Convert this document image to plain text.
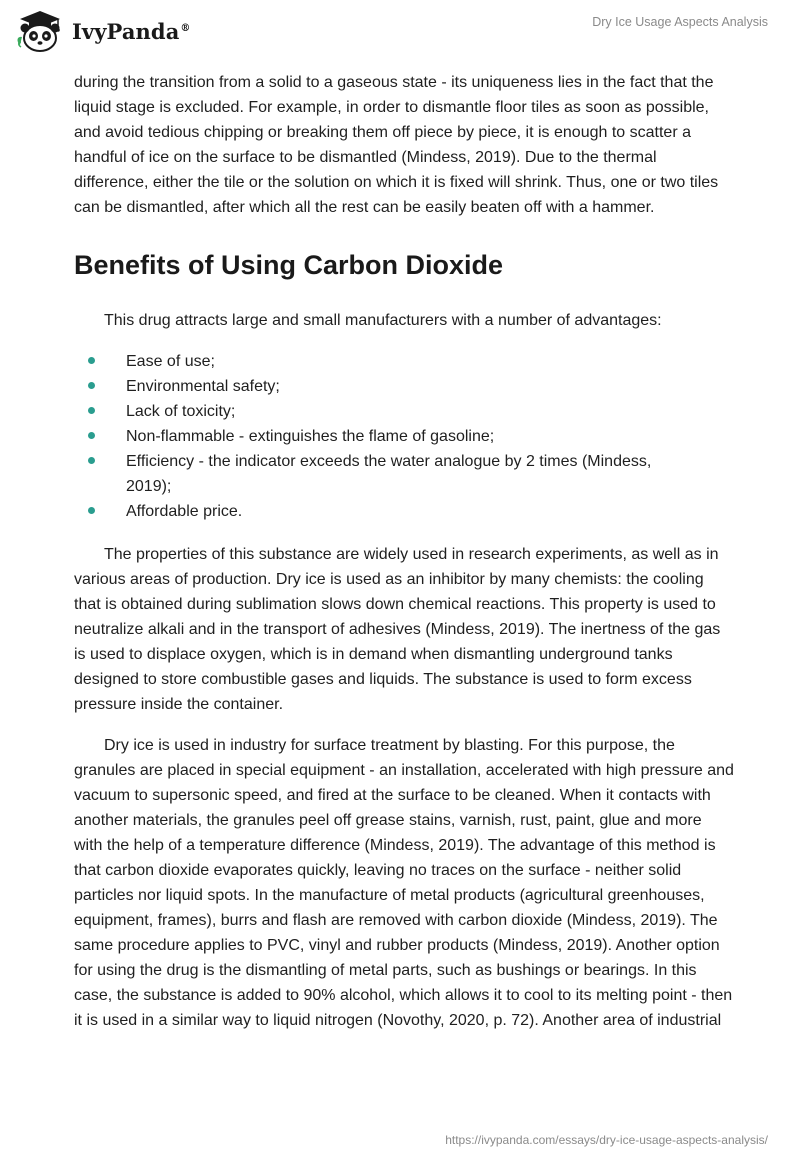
IvyPanda®	Dry Ice Usage Aspects Analysis

during the transition from a solid to a gaseous state - its uniqueness lies in the fact that the liquid stage is excluded. For example, in order to dismantle floor tiles as soon as possible, and avoid tedious chipping or breaking them off piece by piece, it is enough to scatter a handful of ice on the surface to be dismantled (Mindess, 2019). Due to the thermal difference, either the tile or the solution on which it is fixed will shrink. Thus, one or two tiles can be dismantled, after which all the rest can be easily beaten off with a hammer.

Benefits of Using Carbon Dioxide

This drug attracts large and small manufacturers with a number of advantages:

Ease of use;
Environmental safety;
Lack of toxicity;
Non-flammable - extinguishes the flame of gasoline;
Efficiency - the indicator exceeds the water analogue by 2 times (Mindess, 2019);
Affordable price.

The properties of this substance are widely used in research experiments, as well as in various areas of production. Dry ice is used as an inhibitor by many chemists: the cooling that is obtained during sublimation slows down chemical reactions. This property is used to neutralize alkali and in the transport of adhesives (Mindess, 2019). The inertness of the gas is used to displace oxygen, which is in demand when dismantling underground tanks designed to store combustible gases and liquids. The substance is used to form excess pressure inside the container.

Dry ice is used in industry for surface treatment by blasting. For this purpose, the granules are placed in special equipment - an installation, accelerated with high pressure and vacuum to supersonic speed, and fired at the surface to be cleaned. When it contacts with another materials, the granules peel off grease stains, varnish, rust, paint, glue and more with the help of a temperature difference (Mindess, 2019). The advantage of this method is that carbon dioxide evaporates quickly, leaving no traces on the surface - neither solid particles nor liquid spots. In the manufacture of metal products (agricultural greenhouses, equipment, frames), burrs and flash are removed with carbon dioxide (Mindess, 2019). The same procedure applies to PVC, vinyl and rubber products (Mindess, 2019). Another option for using the drug is the dismantling of metal parts, such as bushings or bearings. In this case, the substance is added to 90% alcohol, which allows it to cool to its melting point - then it is used in a similar way to liquid nitrogen (Novothy, 2020, p. 72). Another area of industrial

https://ivypanda.com/essays/dry-ice-usage-aspects-analysis/
